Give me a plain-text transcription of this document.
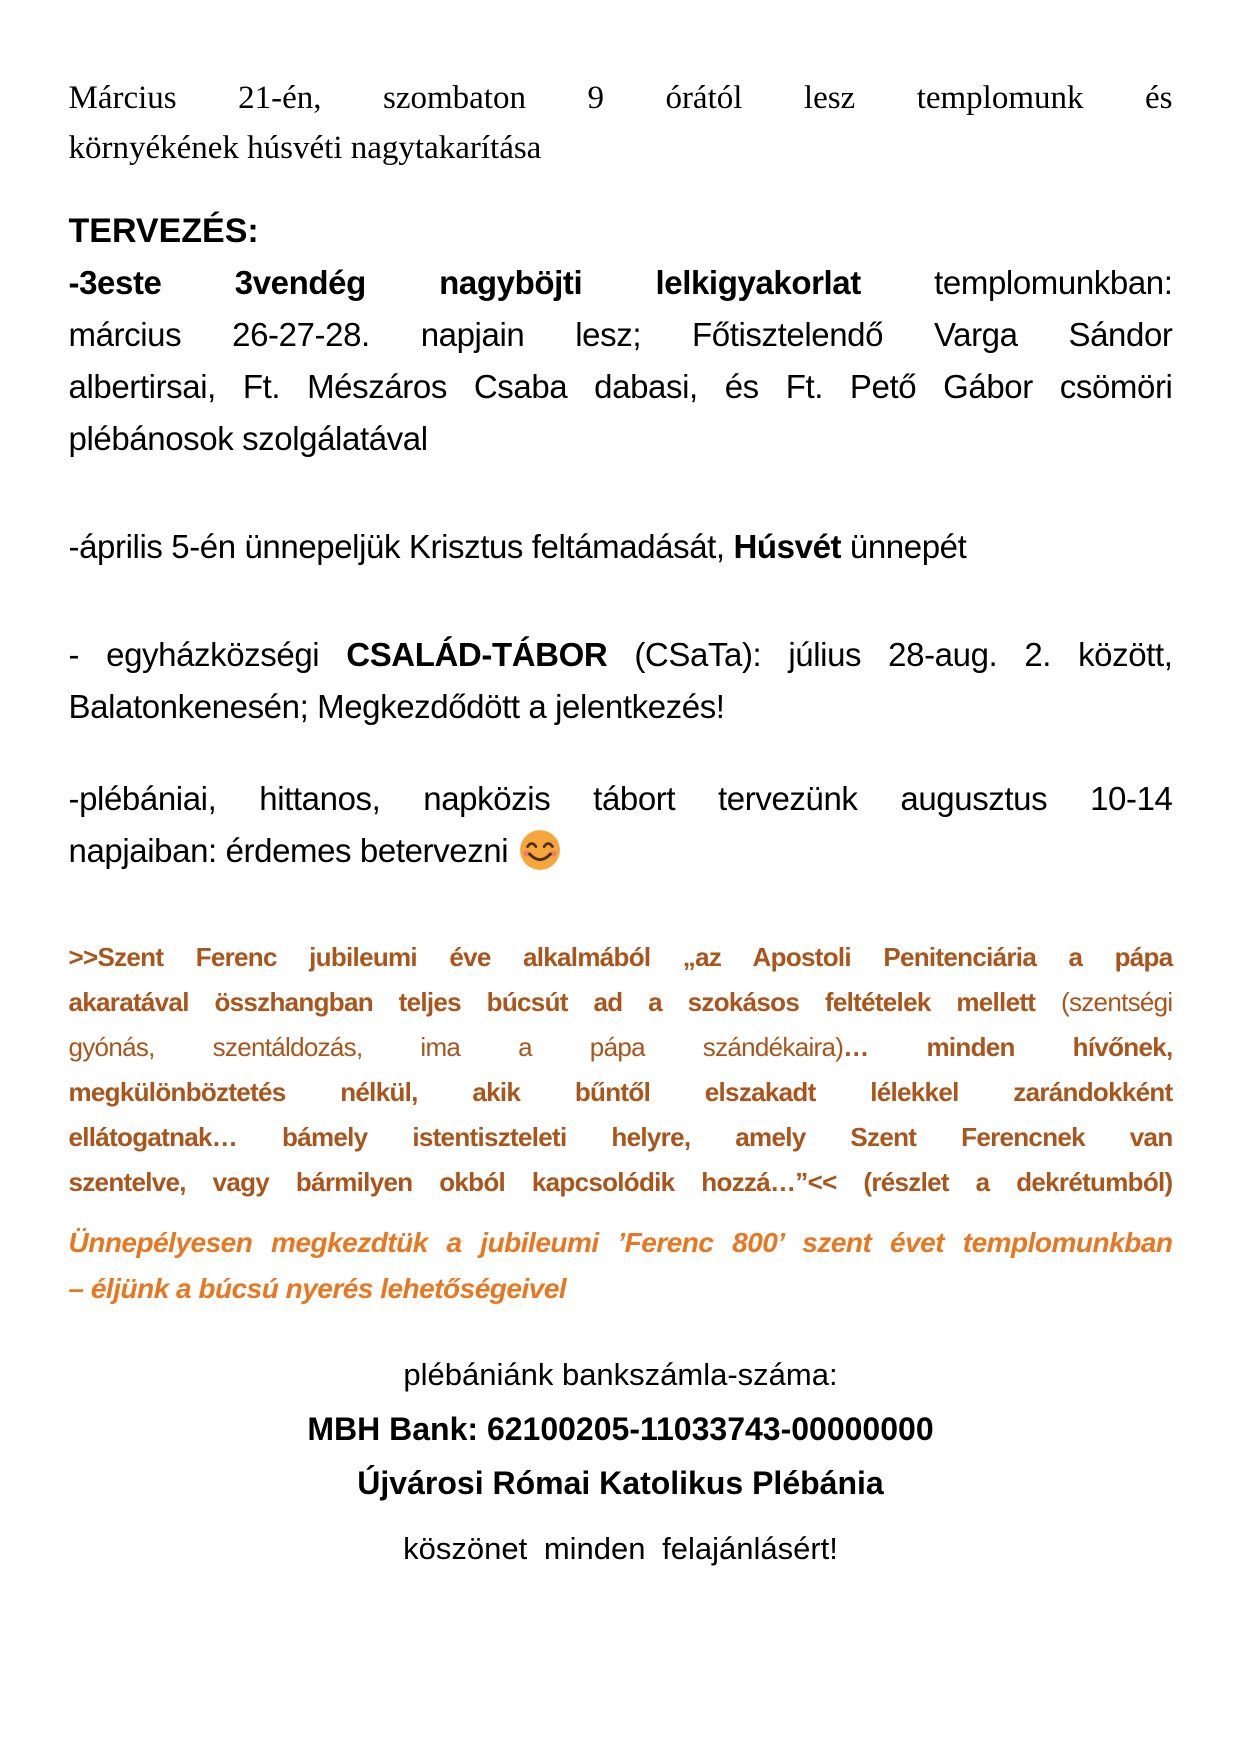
Március 21-én, szombaton 9 órától lesz templomunk és
környékének húsvéti nagytakarítása

TERVEZÉS:
-3este 3vendég nagyböjti lelkigyakorlat templomunkban:
március 26-27-28. napjain lesz; Főtisztelendő Varga Sándor
albertirsai, Ft. Mészáros Csaba dabasi, és Ft. Pető Gábor csömöri
plébánosok szolgálatával
-április 5-én ünnepeljük Krisztus feltámadását, Húsvét ünnepét
- egyházközségi CSALÁD-TÁBOR (CSaTa): július 28-aug. 2. között,
Balatonkenesén; Megkezdődött a jelentkezés!
-plébániai, hittanos, napközis tábort tervezünk augusztus 10-14
napjaiban: érdemes betervezni
>>Szent Ferenc jubileumi éve alkalmából „az Apostoli Penitenciária a pápa
akaratával összhangban teljes búcsút ad a szokásos feltételek mellett (szentségi
gyónás, szentáldozás, ima a pápa szándékaira)… minden hívőnek,
megkülönböztetés nélkül, akik bűntől elszakadt lélekkel zarándokként
ellátogatnak… bámely istentiszteleti helyre, amely Szent Ferencnek van
szentelve, vagy bármilyen okból kapcsolódik hozzá…”<< (részlet a dekrétumból)
Ünnepélyesen megkezdtük a jubileumi ’Ferenc 800’ szent évet templomunkban
– éljünk a búcsú nyerés lehetőségeivel
plébániánk bankszámla-száma:
MBH Bank: 62100205-11033743-00000000
Újvárosi Római Katolikus Plébánia
köszönet minden felajánlásért!
